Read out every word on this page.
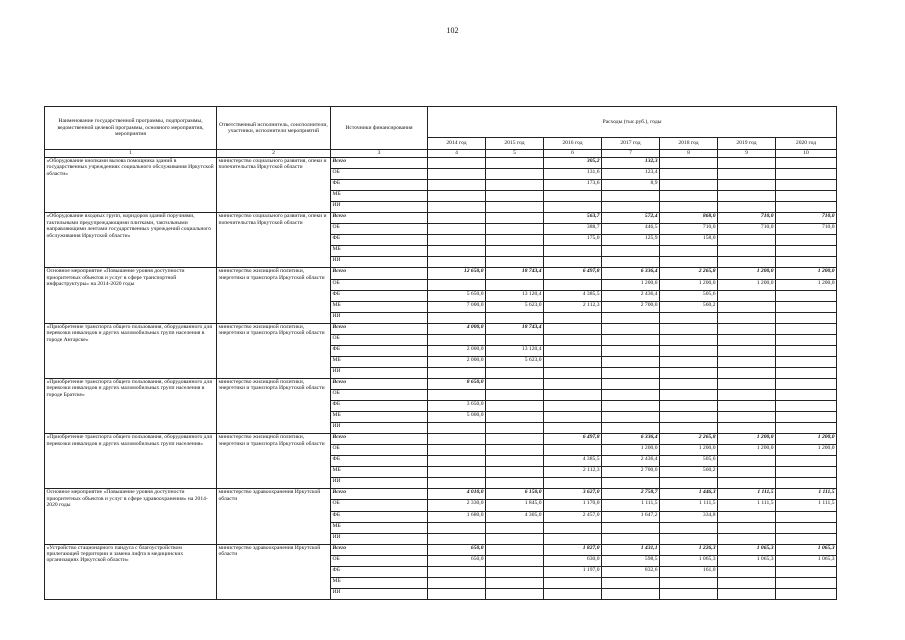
102
Наименование государственной программы, подпрограммы, ведомственной целевой программы, основного мероприятия, мероприятия	Ответственный исполнитель, соисполнители, участники, исполнители мероприятий	Источники финансирования	Расходы (тыс.руб.), годы						
			2014 год	2015 год	2016 год	2017 год	2018 год	2019 год	2020 год
1	2	3	4	5	6	7	8	9	10
«Оборудование кнопками вызова помощника зданий в государственных учреждениях социального обслуживания Иркутской области»	министерство социального развития, опеки и попечительства Иркутской области	Всего			305,2	132,3			
		ОБ			131,6	123,4			
		ФБ			173,6	8,9			
		МБ							
		ИИ							
«Оборудование входных групп, коридоров зданий поручнями, тактильными предупреждающими плитками, тактильными направляющими лентами государственных учреждений социального обслуживания Иркутской области»	министерство социального развития, опеки и попечительства Иркутской области	Всего			563,7	572,4	868,0	710,0	710,0
		ОБ			388,7	446,5	710,0	710,0	710,0
		ФБ			175,0	125,9	158,0		
		МБ							
		ИИ							
Основное мероприятие «Повышение уровня доступности приоритетных объектов и услуг в сфере транспортной инфраструктуры» на 2014-2020 годы	министерство жилищной политики, энергетики и транспорта Иркутской области	Всего	12 650,0	18 743,4	6 497,8	6 336,4	2 265,8	1 200,0	1 200,0
		ОБ				1 200,0	1 200,0	1 200,0	1 200,0
		ФБ	5 650,0	13 120,4	4 385,5	2 436,4	505,6		
		МБ	7 000,0	5 623,0	2 112,3	2 700,0	560,2		
		ИИ							
«Приобретение транспорта общего пользования, оборудованного для перевозки инвалидов и других маломобильных групп населения в городе Ангарске»	министерство жилищной политики, энергетики и транспорта Иркутской области	Всего	4 000,0	18 743,4					
		ОБ							
		ФБ	2 000,0	13 120,4					
		МБ	2 000,0	5 623,0					
		ИИ							
«Приобретение транспорта общего пользования, оборудованного для перевозки инвалидов и других маломобильных групп населения в городе Братске»	министерство жилищной политики, энергетики и транспорта Иркутской области	Всего	8 650,0						
		ОБ							
		ФБ	3 650,0						
		МБ	5 000,0						
		ИИ							
«Приобретение транспорта общего пользования, оборудованного для перевозки инвалидов и других маломобильных групп населения»	министерство жилищной политики, энергетики и транспорта Иркутской области	Всего			6 497,8	6 336,4	2 265,8	1 200,0	1 200,0
		ОБ				1 200,0	1 200,0	1 200,0	1 200,0
		ФБ			4 385,5	2 436,4	505,6		
		МБ			2 112,3	2 700,0	560,2		
		ИИ							
Основное мероприятие «Повышение уровня доступности приоритетных объектов и услуг в сфере здравоохранения» на 2014-2020 годы	министерство здравоохранения Иркутской области	Всего	4 010,0	6 150,0	3 627,0	2 758,7	1 446,3	1 111,5	1 111,5
		ОБ	2 330,0	1 845,0	1 170,0	1 111,5	1 111,5	1 111,5	1 111,5
		ФБ	1 680,0	4 305,0	2 457,0	1 647,2	334,8		
		МБ							
		ИИ							
«Устройство стационарного пандуса с благоустройством прилегающей территории и замена лифта в медицинских организациях Иркутской области»	министерство здравоохранения Иркутской области	Всего	650,0		1 827,0	1 431,1	1 226,3	1 065,3	1 065,3
		ОБ	650,0		630,0	598,5	1 065,3	1 065,3	1 065,3
		ФБ			1 197,0	832,6	161,0		
		МБ							
		ИИ							
